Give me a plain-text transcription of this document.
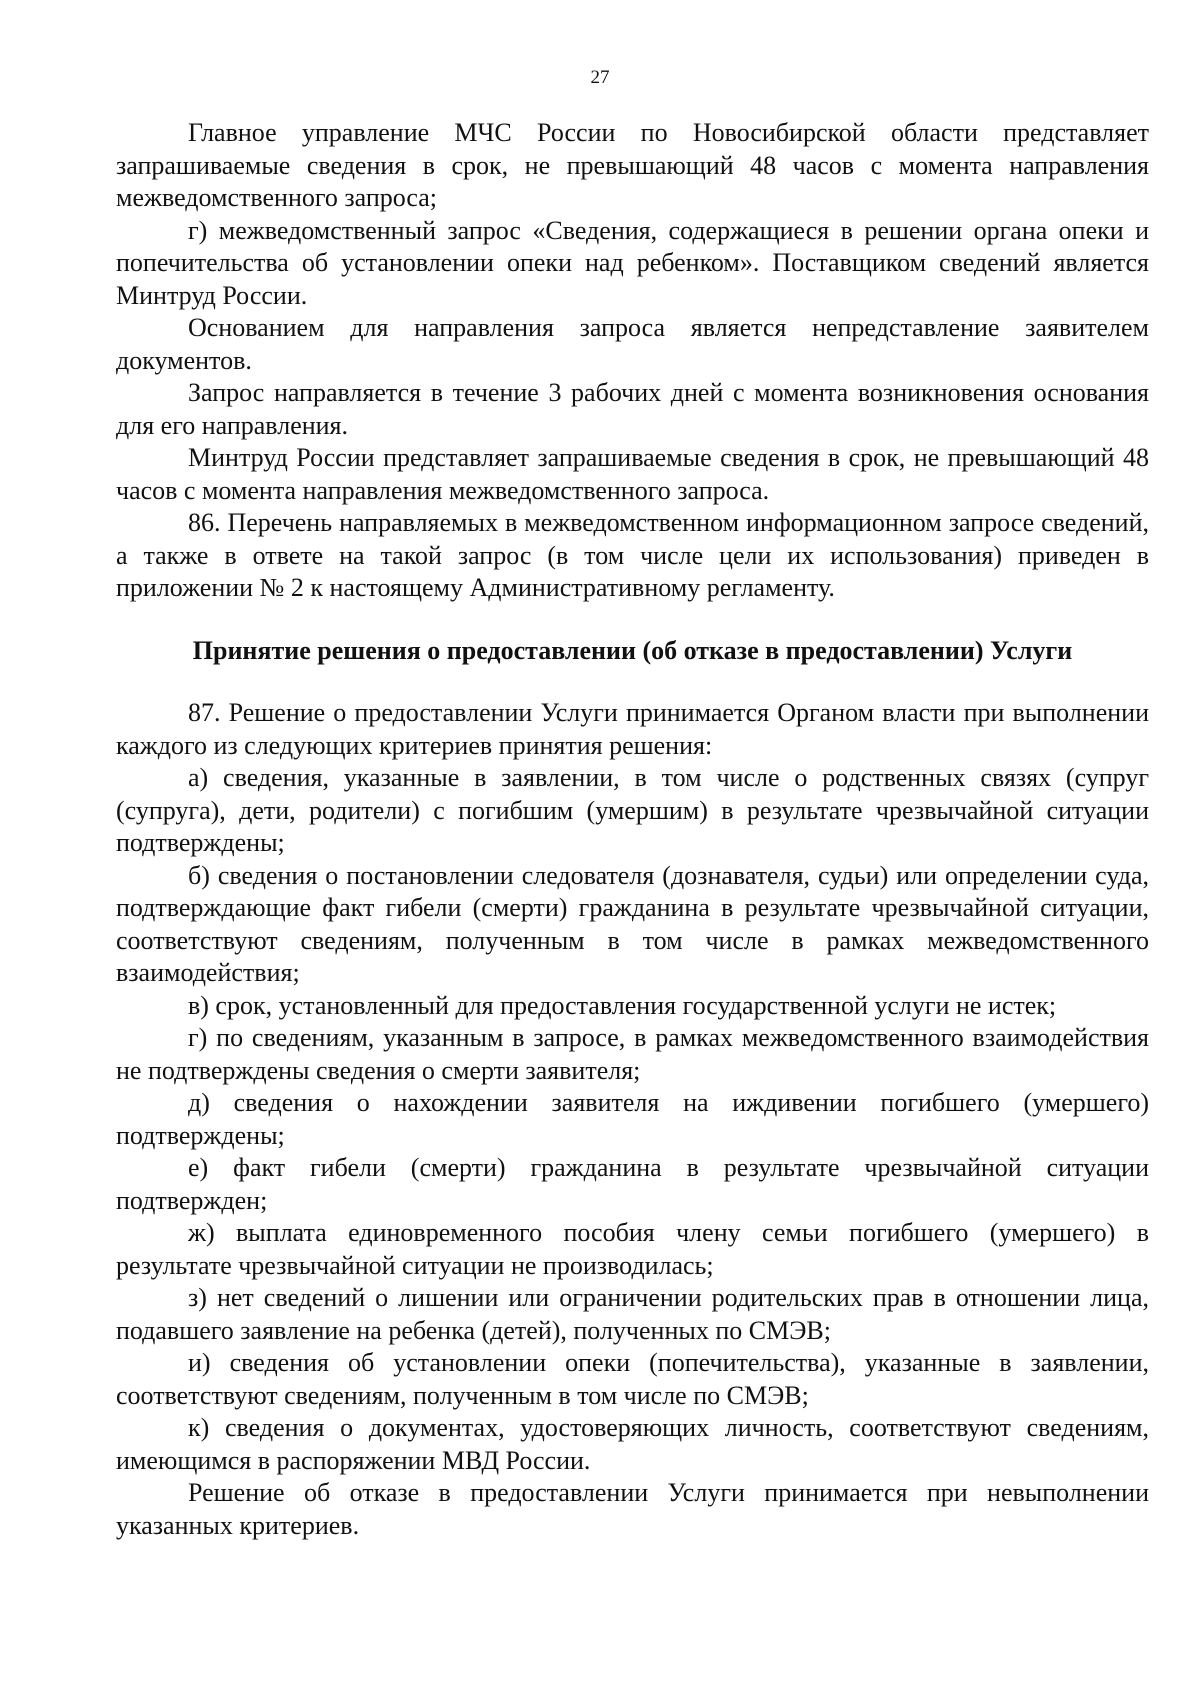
27

Главное управление МЧС России по Новосибирской области представляет запрашиваемые сведения в срок, не превышающий 48 часов с момента направления межведомственного запроса;

г) межведомственный запрос «Сведения, содержащиеся в решении органа опеки и попечительства об установлении опеки над ребенком». Поставщиком сведений является Минтруд России.

Основанием для направления запроса является непредставление заявителем документов.

Запрос направляется в течение 3 рабочих дней с момента возникновения основания для его направления.

Минтруд России представляет запрашиваемые сведения в срок, не превышающий 48 часов с момента направления межведомственного запроса.

86. Перечень направляемых в межведомственном информационном запросе сведений, а также в ответе на такой запрос (в том числе цели их использования) приведен в приложении № 2 к настоящему Административному регламенту.

Принятие решения о предоставлении (об отказе в предоставлении) Услуги

87. Решение о предоставлении Услуги принимается Органом власти при выполнении каждого из следующих критериев принятия решения:

а) сведения, указанные в заявлении, в том числе о родственных связях (супруг (супруга), дети, родители) с погибшим (умершим) в результате чрезвычайной ситуации подтверждены;

б) сведения о постановлении следователя (дознавателя, судьи) или определении суда, подтверждающие факт гибели (смерти) гражданина в результате чрезвычайной ситуации, соответствуют сведениям, полученным в том числе в рамках межведомственного взаимодействия;

в) срок, установленный для предоставления государственной услуги не истек;

г) по сведениям, указанным в запросе, в рамках межведомственного взаимодействия не подтверждены сведения о смерти заявителя;

д) сведения о нахождении заявителя на иждивении погибшего (умершего) подтверждены;

е) факт гибели (смерти) гражданина в результате чрезвычайной ситуации подтвержден;

ж) выплата единовременного пособия члену семьи погибшего (умершего) в результате чрезвычайной ситуации не производилась;

з) нет сведений о лишении или ограничении родительских прав в отношении лица, подавшего заявление на ребенка (детей), полученных по СМЭВ;

и) сведения об установлении опеки (попечительства), указанные в заявлении, соответствуют сведениям, полученным в том числе по СМЭВ;

к) сведения о документах, удостоверяющих личность, соответствуют сведениям, имеющимся в распоряжении МВД России.

Решение об отказе в предоставлении Услуги принимается при невыполнении указанных критериев.
